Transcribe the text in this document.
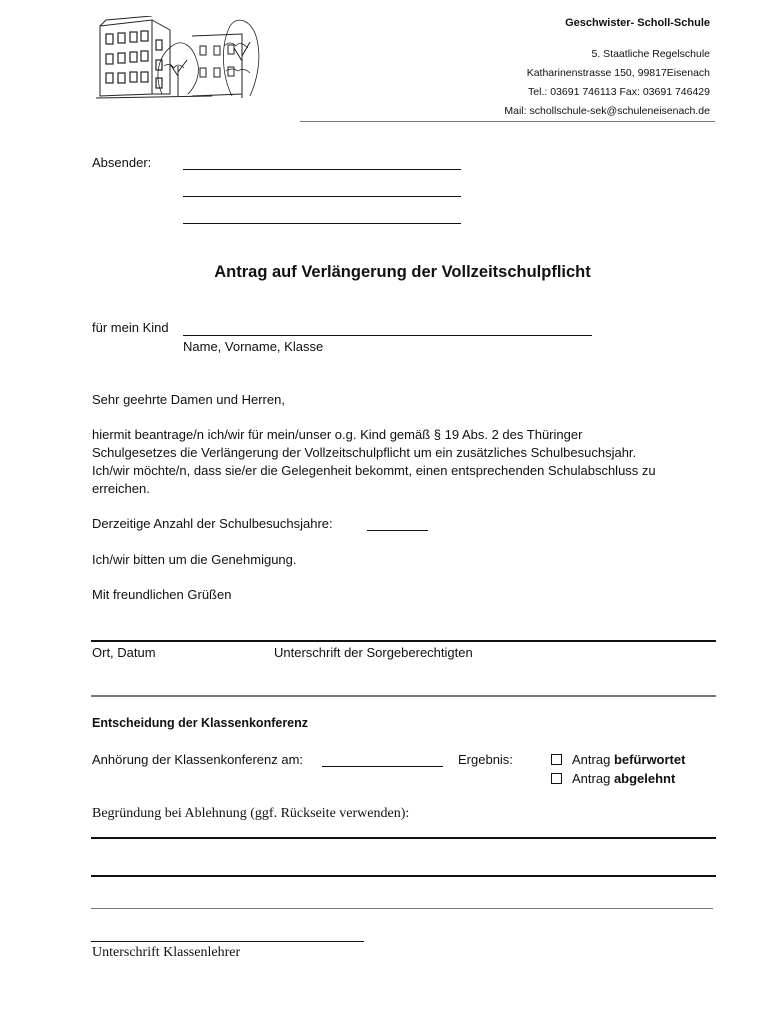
Geschwister- Scholl-Schule
5. Staatliche Regelschule
Katharinenstrasse 150, 99817Eisenach
Tel.: 03691 746113 Fax: 03691 746429
Mail: schollschule-sek@schuleneisenach.de
Absender:
Antrag auf Verlängerung der Vollzeitschulpflicht
für mein Kind
Name, Vorname, Klasse
Sehr geehrte Damen und Herren,
hiermit beantrage/n ich/wir für mein/unser o.g. Kind gemäß § 19 Abs. 2 des Thüringer
Schulgesetzes die Verlängerung der Vollzeitschulpflicht um ein zusätzliches Schulbesuchsjahr.
Ich/wir möchte/n, dass sie/er die Gelegenheit bekommt, einen entsprechenden Schulabschluss zu
erreichen.
Derzeitige Anzahl der Schulbesuchsjahre:
Ich/wir bitten um die Genehmigung.
Mit freundlichen Grüßen
Ort, Datum	Unterschrift der Sorgeberechtigten
Entscheidung der Klassenkonferenz
Anhörung der Klassenkonferenz am:	Ergebnis:	Antrag befürwortet
Antrag abgelehnt
Begründung bei Ablehnung (ggf. Rückseite verwenden):
Unterschrift Klassenlehrer
